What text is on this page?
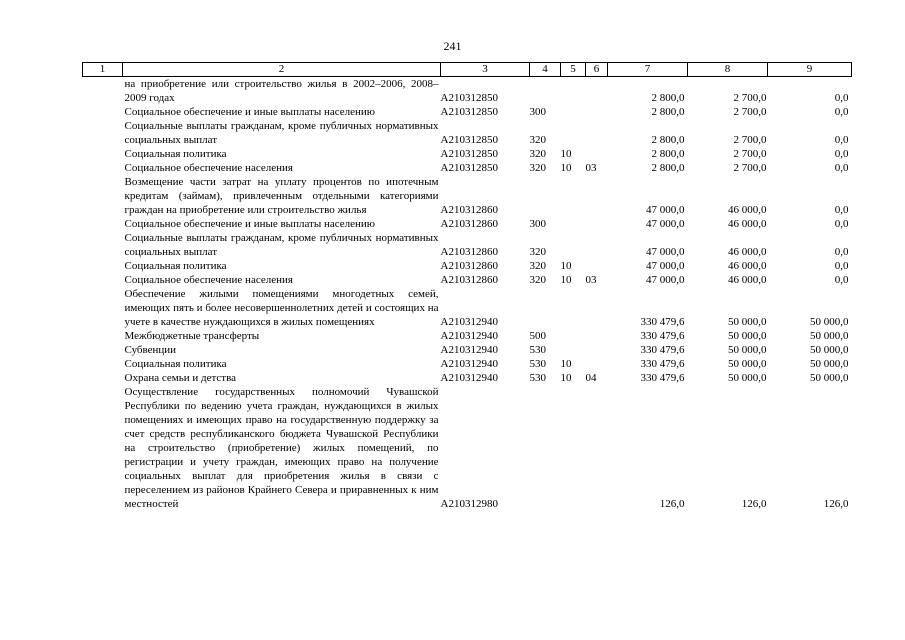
241
1	2	3	4	5	6	7	8	9
	на приобретение или строительство жилья в 2002–2006, 2008–2009 годах	А210312850				2 800,0	2 700,0	0,0
	Социальное обеспечение и иные выплаты населению	А210312850	300			2 800,0	2 700,0	0,0
	Социальные выплаты гражданам, кроме публичных нормативных социальных выплат	А210312850	320			2 800,0	2 700,0	0,0
	Социальная политика	А210312850	320	10		2 800,0	2 700,0	0,0
	Социальное обеспечение населения	А210312850	320	10	03	2 800,0	2 700,0	0,0
	Возмещение части затрат на уплату процентов по ипотечным кредитам (займам), привлеченным отдельными категориями граждан на приобретение или строительство жилья	А210312860				47 000,0	46 000,0	0,0
	Социальное обеспечение и иные выплаты населению	А210312860	300			47 000,0	46 000,0	0,0
	Социальные выплаты гражданам, кроме публичных нормативных социальных выплат	А210312860	320			47 000,0	46 000,0	0,0
	Социальная политика	А210312860	320	10		47 000,0	46 000,0	0,0
	Социальное обеспечение населения	А210312860	320	10	03	47 000,0	46 000,0	0,0
	Обеспечение жилыми помещениями многодетных семей, имеющих пять и более несовершеннолетних детей и состоящих на учете в качестве нуждающихся в жилых помещениях	А210312940				330 479,6	50 000,0	50 000,0
	Межбюджетные трансферты	А210312940	500			330 479,6	50 000,0	50 000,0
	Субвенции	А210312940	530			330 479,6	50 000,0	50 000,0
	Социальная политика	А210312940	530	10		330 479,6	50 000,0	50 000,0
	Охрана семьи и детства	А210312940	530	10	04	330 479,6	50 000,0	50 000,0
	Осуществление государственных полномочий Чувашской Республики по ведению учета граждан, нуждающихся в жилых помещениях и имеющих право на государственную поддержку за счет средств республиканского бюджета Чувашской Республики на строительство (приобретение) жилых помещений, по регистрации и учету граждан, имеющих право на получение социальных выплат для приобретения жилья в связи с переселением из районов Крайнего Севера и приравненных к ним местностей	А210312980				126,0	126,0	126,0
